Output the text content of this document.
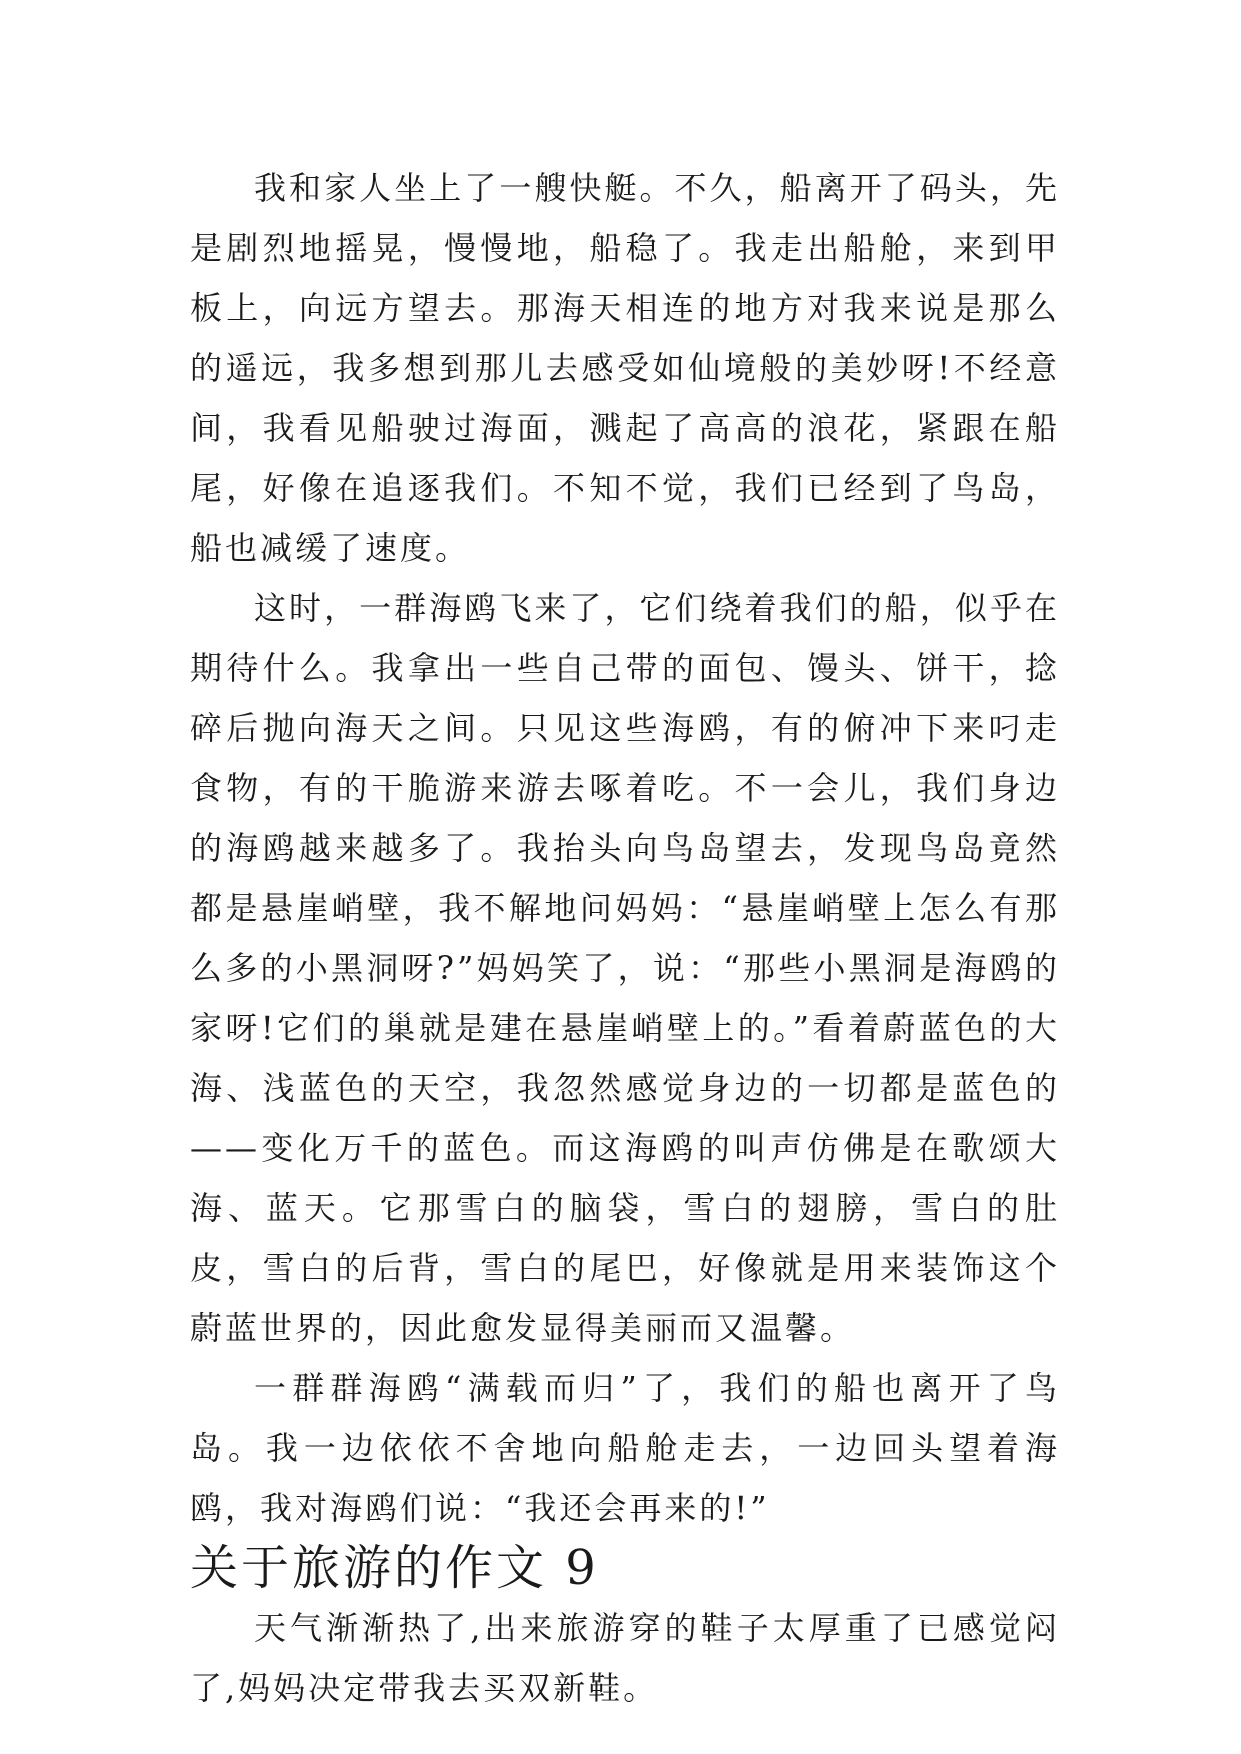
我和家人坐上了一艘快艇。不久，船离开了码头，先是剧烈地摇晃，慢慢地，船稳了。我走出船舱，来到甲板上，向远方望去。那海天相连的地方对我来说是那么的遥远，我多想到那儿去感受如仙境般的美妙呀!不经意间，我看见船驶过海面，溅起了高高的浪花，紧跟在船尾，好像在追逐我们。不知不觉，我们已经到了鸟岛，船也减缓了速度。

这时，一群海鸥飞来了，它们绕着我们的船，似乎在期待什么。我拿出一些自己带的面包、馒头、饼干，捻碎后抛向海天之间。只见这些海鸥，有的俯冲下来叼走食物，有的干脆游来游去啄着吃。不一会儿，我们身边的海鸥越来越多了。我抬头向鸟岛望去，发现鸟岛竟然都是悬崖峭壁，我不解地问妈妈：“悬崖峭壁上怎么有那么多的小黑洞呀?”妈妈笑了，说：“那些小黑洞是海鸥的家呀!它们的巢就是建在悬崖峭壁上的。”看着蔚蓝色的大海、浅蓝色的天空，我忽然感觉身边的一切都是蓝色的——变化万千的蓝色。而这海鸥的叫声仿佛是在歌颂大海、蓝天。它那雪白的脑袋，雪白的翅膀，雪白的肚皮，雪白的后背，雪白的尾巴，好像就是用来装饰这个蔚蓝世界的，因此愈发显得美丽而又温馨。

一群群海鸥“满载而归”了，我们的船也离开了鸟岛。我一边依依不舍地向船舱走去，一边回头望着海鸥，我对海鸥们说：“我还会再来的!”

关于旅游的作文 9

天气渐渐热了,出来旅游穿的鞋子太厚重了已感觉闷了,妈妈决定带我去买双新鞋。
